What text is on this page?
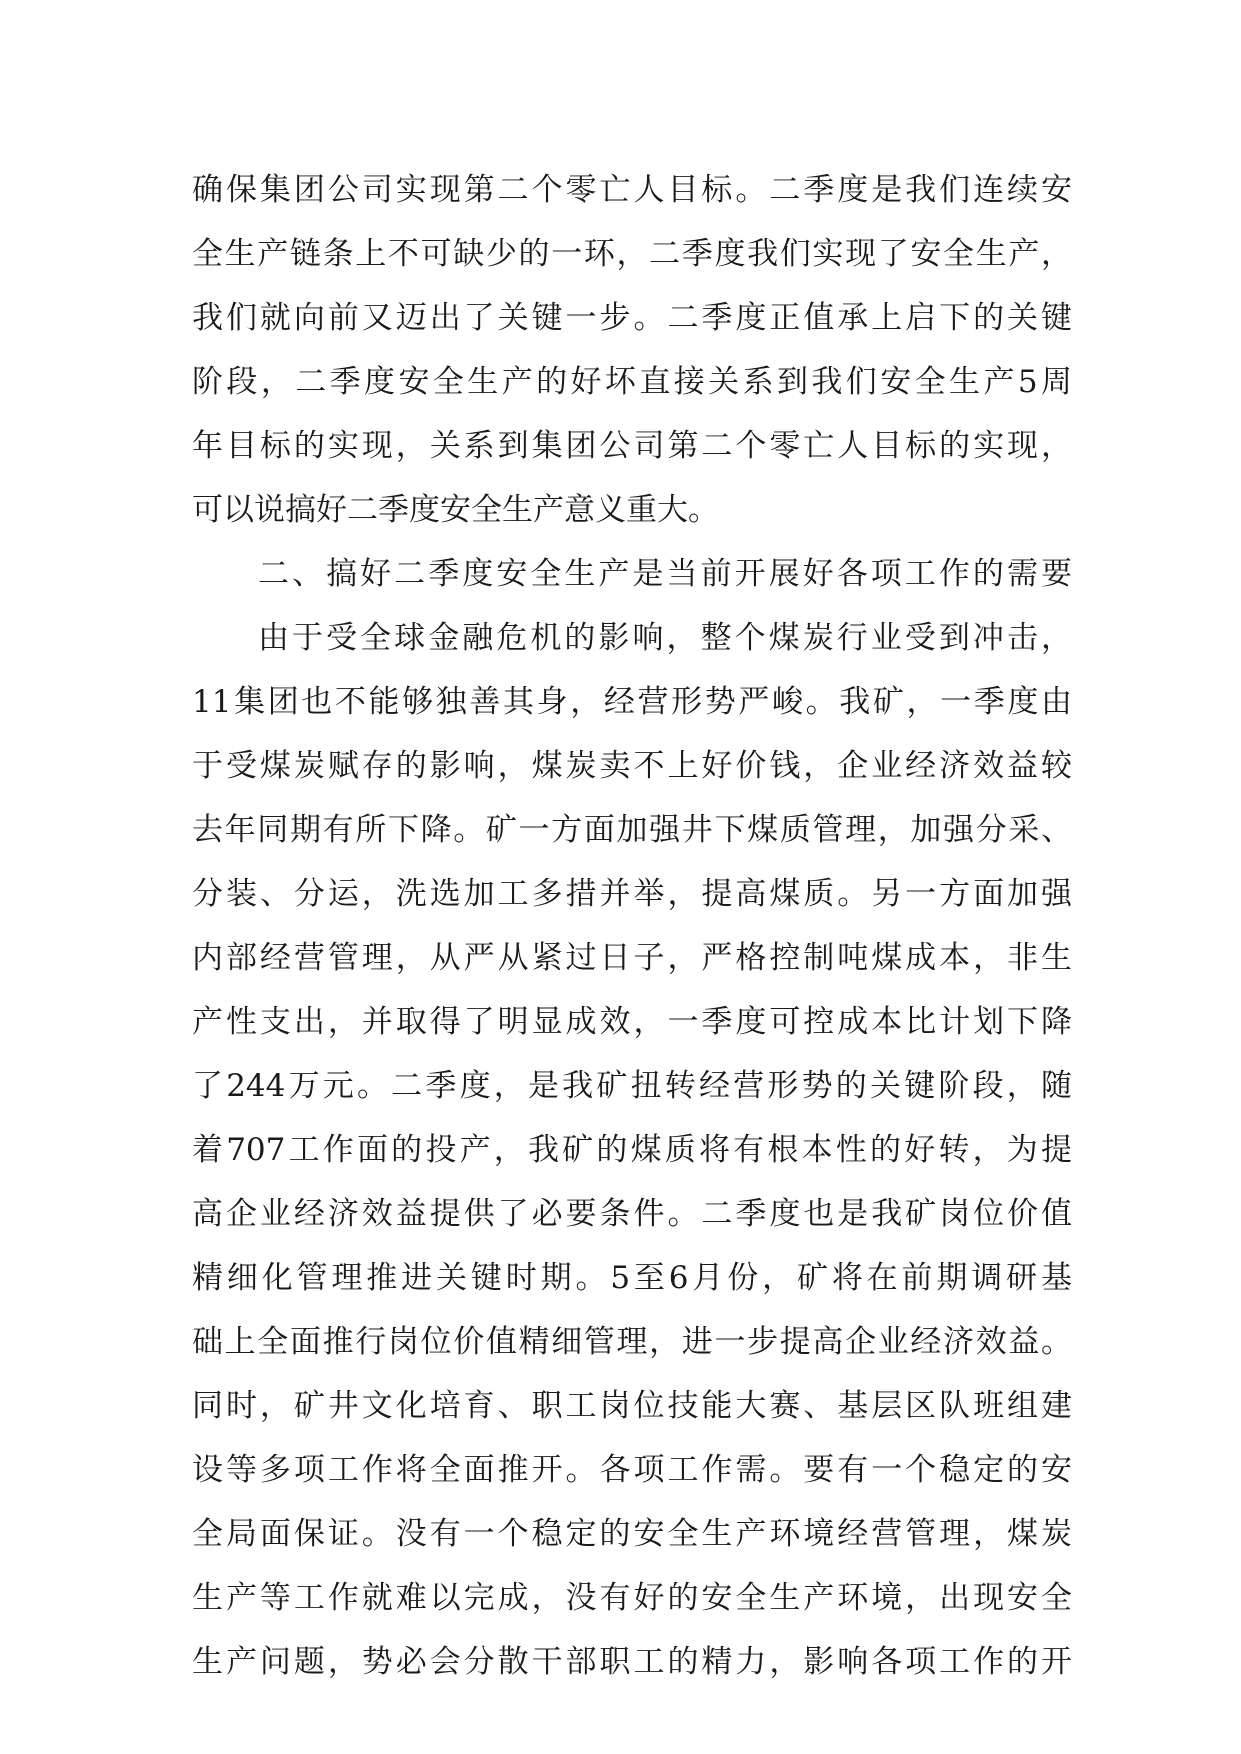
确保集团公司实现第二个零亡人目标。二季度是我们连续安
全生产链条上不可缺少的一环，二季度我们实现了安全生产，
我们就向前又迈出了关键一步。二季度正值承上启下的关键
阶段，二季度安全生产的好坏直接关系到我们安全生产5周
年目标的实现，关系到集团公司第二个零亡人目标的实现，
可以说搞好二季度安全生产意义重大。
二、搞好二季度安全生产是当前开展好各项工作的需要
由于受全球金融危机的影响，整个煤炭行业受到冲击，
11集团也不能够独善其身，经营形势严峻。我矿，一季度由
于受煤炭赋存的影响，煤炭卖不上好价钱，企业经济效益较
去年同期有所下降。矿一方面加强井下煤质管理，加强分采、
分装、分运，洗选加工多措并举，提高煤质。另一方面加强
内部经营管理，从严从紧过日子，严格控制吨煤成本，非生
产性支出，并取得了明显成效，一季度可控成本比计划下降
了244万元。二季度，是我矿扭转经营形势的关键阶段，随
着707工作面的投产，我矿的煤质将有根本性的好转，为提
高企业经济效益提供了必要条件。二季度也是我矿岗位价值
精细化管理推进关键时期。5至6月份，矿将在前期调研基
础上全面推行岗位价值精细管理，进一步提高企业经济效益。
同时，矿井文化培育、职工岗位技能大赛、基层区队班组建
设等多项工作将全面推开。各项工作需。要有一个稳定的安
全局面保证。没有一个稳定的安全生产环境经营管理，煤炭
生产等工作就难以完成，没有好的安全生产环境，出现安全
生产问题，势必会分散干部职工的精力，影响各项工作的开
